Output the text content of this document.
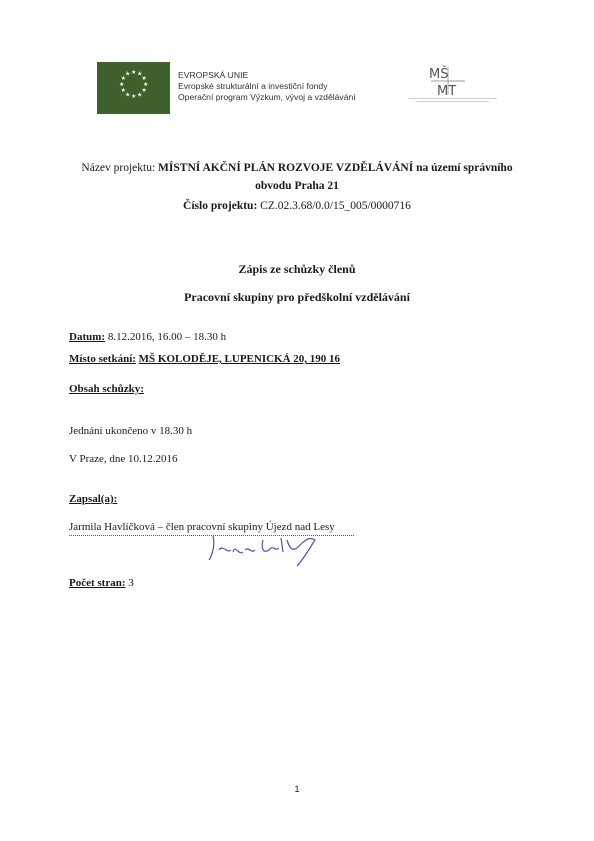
★ ★
★
★
★
★
★
★
★
★
★
★	EVROPSKÁ UNIE
Evropské strukturální a investiční fondy
Operační program Výzkum, vývoj a vzdělávání
MŠ
MT
Název projektu: MÍSTNÍ AKČNÍ PLÁN ROZVOJE VZDĚLÁVÁNÍ na území správního
obvodu Praha 21
Číslo projektu: CZ.02.3.68/0.0/15_005/0000716
Zápis ze schůzky členů
Pracovní skupiny pro předškolní vzdělávání
Datum: 8.12.2016, 16.00 – 18.30 h
Místo setkání: MŠ KOLODĚJE, LUPENICKÁ 20, 190 16
Obsah schůzky:
Jednání ukončeno v 18.30 h
V Praze, dne 10.12.2016
Zapsal(a):
Jarmila Havlíčková – člen pracovní skupiny Újezd nad Lesy
Počet stran: 3
1
